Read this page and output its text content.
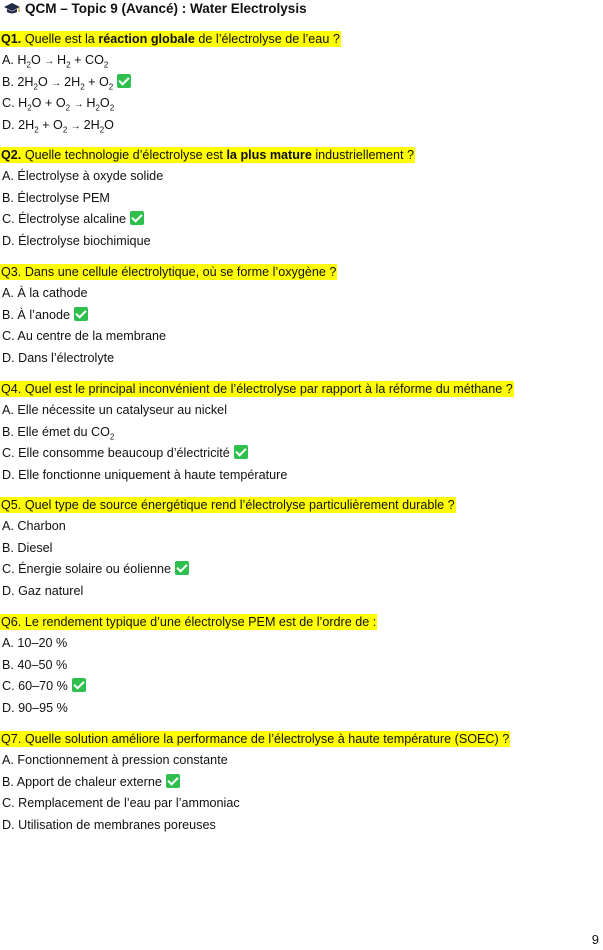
QCM – Topic 9 (Avancé) : Water Electrolysis
Q1. Quelle est la réaction globale de l’électrolyse de l’eau ?
A. $H_2O \to H_2 + CO_2$
B. $2H_2O \to 2H_2 + O_2$
C. $H_2O + O_2 \to H_2O_2$
D. $2H_2 + O_2 \to 2H_2O$
Q2. Quelle technologie d’électrolyse est la plus mature industriellement ?
A. Électrolyse à oxyde solide
B. Électrolyse PEM
C. Électrolyse alcaline
D. Électrolyse biochimique
Q3. Dans une cellule électrolytique, où se forme l’oxygène ?
A. À la cathode
B. À l’anode
C. Au centre de la membrane
D. Dans l’électrolyte
Q4. Quel est le principal inconvénient de l’électrolyse par rapport à la réforme du méthane ?
A. Elle nécessite un catalyseur au nickel
B. Elle émet du $CO_2$
C. Elle consomme beaucoup d’électricité
D. Elle fonctionne uniquement à haute température
Q5. Quel type de source énergétique rend l’électrolyse particulièrement durable ?
A. Charbon
B. Diesel
C. Énergie solaire ou éolienne
D. Gaz naturel
Q6. Le rendement typique d’une électrolyse PEM est de l’ordre de :
A. 10–20 %
B. 40–50 %
C. 60–70 %
D. 90–95 %
Q7. Quelle solution améliore la performance de l’électrolyse à haute température (SOEC) ?
A. Fonctionnement à pression constante
B. Apport de chaleur externe
C. Remplacement de l’eau par l’ammoniac
D. Utilisation de membranes poreuses
9
